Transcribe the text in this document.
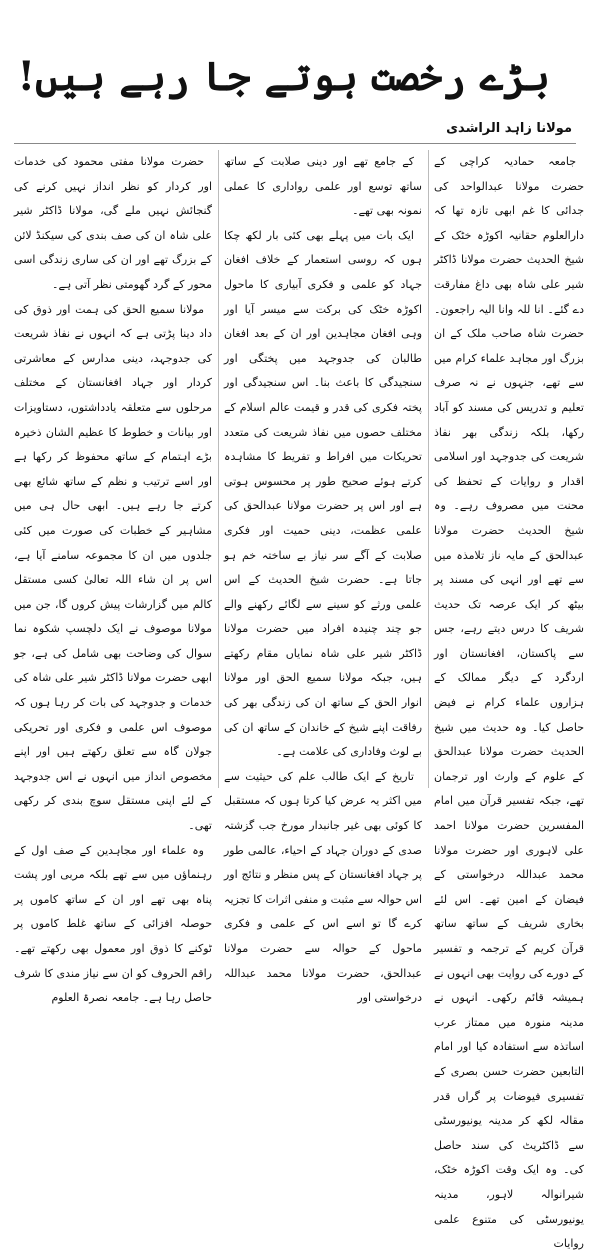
بڑے رخصت ہوتے جا رہے ہیں!
مولانا زاہد الراشدی

جامعہ حمادیہ کراچی کے حضرت مولانا عبدالواحد کی جدائی کا غم ابھی تازہ تھا کہ دارالعلوم حقانیہ اکوڑہ خٹک کے شیخ الحدیث حضرت مولانا ڈاکٹر شیر علی شاہ بھی داغ مفارقت دے گئے۔ انا للہ وانا الیہ راجعون۔ حضرت شاہ صاحب ملک کے ان بزرگ اور مجاہد علماء کرام میں سے تھے، جنہوں نے نہ صرف تعلیم و تدریس کی مسند کو آباد رکھا، بلکہ زندگی بھر نفاذ شریعت کی جدوجہد اور اسلامی اقدار و روایات کے تحفظ کی محنت میں مصروف رہے۔ وہ شیخ الحدیث حضرت مولانا عبدالحق کے مایہ ناز تلامذہ میں سے تھے اور انہی کی مسند پر بیٹھ کر ایک عرصہ تک حدیث شریف کا درس دیتے رہے، جس سے پاکستان، افغانستان اور اردگرد کے دیگر ممالک کے ہزاروں علماء کرام نے فیض حاصل کیا۔ وہ حدیث میں شیخ الحدیث حضرت مولانا عبدالحق کے علوم کے وارث اور ترجمان تھے، جبکہ تفسیر قرآن میں امام المفسرین حضرت مولانا احمد علی لاہوری اور حضرت مولانا محمد عبداللہ درخواستی کے فیضان کے امین تھے۔ اس لئے بخاری شریف کے ساتھ ساتھ قرآن کریم کے ترجمہ و تفسیر کے دورے کی روایت بھی انہوں نے ہمیشہ قائم رکھی۔ انہوں نے مدینہ منورہ میں ممتاز عرب اساتذہ سے استفادہ کیا اور امام التابعین حضرت حسن بصری کے تفسیری فیوضات پر گراں قدر مقالہ لکھ کر مدینہ یونیورسٹی سے ڈاکٹریٹ کی سند حاصل کی۔ وہ ایک وقت اکوڑہ خٹک، شیرانوالہ لاہور، مدینہ یونیورسٹی کی متنوع علمی روایات

کے جامع تھے اور دینی صلابت کے ساتھ ساتھ توسع اور علمی رواداری کا عملی نمونہ بھی تھے۔

ایک بات میں پہلے بھی کئی بار لکھ چکا ہوں کہ روسی استعمار کے خلاف افغان جہاد کو علمی و فکری آبیاری کا ماحول اکوڑہ خٹک کی برکت سے میسر آیا اور وہی افغان مجاہدین اور ان کے بعد افغان طالبان کی جدوجہد میں پختگی اور سنجیدگی کا باعث بنا۔ اس سنجیدگی اور پختہ فکری کی قدر و قیمت عالم اسلام کے مختلف حصوں میں نفاذ شریعت کی متعدد تحریکات میں افراط و تفریط کا مشاہدہ کرتے ہوئے صحیح طور پر محسوس ہوتی ہے اور اس پر حضرت مولانا عبدالحق کی علمی عظمت، دینی حمیت اور فکری صلابت کے آگے سر نیاز بے ساختہ خم ہو جاتا ہے۔ حضرت شیخ الحدیث کے اس علمی ورثے کو سینے سے لگائے رکھنے والے جو چند چنیدہ افراد میں حضرت مولانا ڈاکٹر شیر علی شاہ نمایاں مقام رکھتے ہیں، جبکہ مولانا سمیع الحق اور مولانا انوار الحق کے ساتھ ان کی زندگی بھر کی رفاقت اپنے شیخ کے خاندان کے ساتھ ان کی بے لوث وفاداری کی علامت ہے۔

تاریخ کے ایک طالب علم کی حیثیت سے میں اکثر یہ عرض کیا کرتا ہوں کہ مستقبل کا کوئی بھی غیر جانبدار مورخ جب گزشتہ صدی کے دوران جہاد کے احیاء، عالمی طور پر جہاد افغانستان کے پس منظر و نتائج اور اس حوالہ سے مثبت و منفی اثرات کا تجزیہ کرے گا تو اسے اس کے علمی و فکری ماحول کے حوالہ سے حضرت مولانا عبدالحق، حضرت مولانا محمد عبداللہ درخواستی اور

حضرت مولانا مفتی محمود کی خدمات اور کردار کو نظر انداز نہیں کرنے کی گنجائش نہیں ملے گی، مولانا ڈاکٹر شیر علی شاہ ان کی صف بندی کی سیکنڈ لائن کے بزرگ تھے اور ان کی ساری زندگی اسی محور کے گرد گھومتی نظر آتی ہے۔

مولانا سمیع الحق کی ہمت اور ذوق کی داد دینا پڑتی ہے کہ انہوں نے نفاذ شریعت کی جدوجہد، دینی مدارس کے معاشرتی کردار اور جہاد افغانستان کے مختلف مرحلوں سے متعلقہ یادداشتوں، دستاویزات اور بیانات و خطوط کا عظیم الشان ذخیرہ بڑے اہتمام کے ساتھ محفوظ کر رکھا ہے اور اسے ترتیب و نظم کے ساتھ شائع بھی کرتے جا رہے ہیں۔ ابھی حال ہی میں مشاہیر کے خطبات کی صورت میں کئی جلدوں میں ان کا مجموعہ سامنے آیا ہے، اس پر ان شاء اللہ تعالیٰ کسی مستقل کالم میں گزارشات پیش کروں گا، جن میں مولانا موصوف نے ایک دلچسپ شکوہ نما سوال کی وضاحت بھی شامل کی ہے، جو ابھی حضرت مولانا ڈاکٹر شیر علی شاہ کی خدمات و جدوجہد کی بات کر رہا ہوں کہ موصوف اس علمی و فکری اور تحریکی جولان گاہ سے تعلق رکھتے ہیں اور اپنے مخصوص انداز میں انہوں نے اس جدوجہد کے لئے اپنی مستقل سوچ بندی کر رکھی تھی۔

وہ علماء اور مجاہدین کے صف اول کے رہنماؤں میں سے تھے بلکہ مربی اور پشت پناہ بھی تھے اور ان کے ساتھ کاموں پر حوصلہ افزائی کے ساتھ غلط کاموں پر ٹوکنے کا ذوق اور معمول بھی رکھتے تھے۔ راقم الحروف کو ان سے نیاز مندی کا شرف حاصل رہا ہے۔ جامعہ نصرۃ العلوم
